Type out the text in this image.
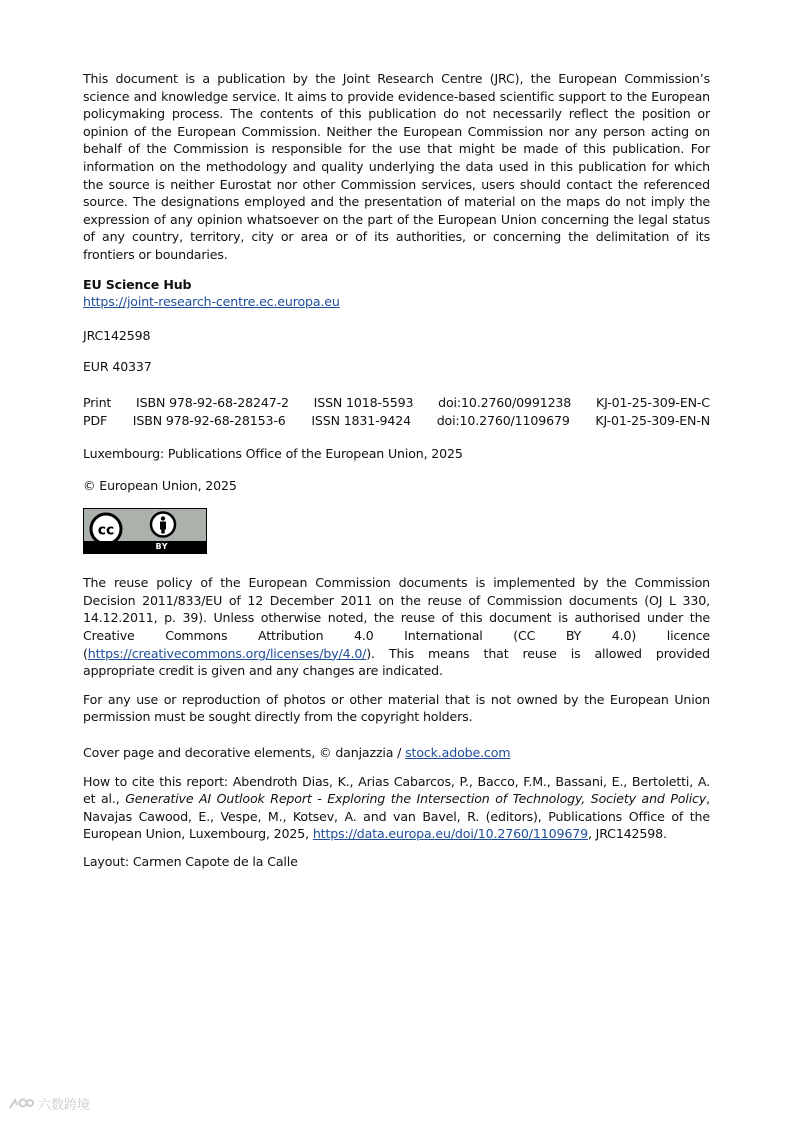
This document is a publication by the Joint Research Centre (JRC), the European Commission’s science and knowledge service. It aims to provide evidence-based scientific support to the European policymaking process. The contents of this publication do not necessarily reflect the position or opinion of the European Commission. Neither the European Commission nor any person acting on behalf of the Commission is responsible for the use that might be made of this publication. For information on the methodology and quality underlying the data used in this publication for which the source is neither Eurostat nor other Commission services, users should contact the referenced source. The designations employed and the presentation of material on the maps do not imply the expression of any opinion whatsoever on the part of the European Union concerning the legal status of any country, territory, city or area or of its authorities, or concerning the delimitation of its frontiers or boundaries.

EU Science Hub

https://joint-research-centre.ec.europa.eu

JRC142598

EUR 40337

Print ISBN 978-92-68-28247-2 ISSN 1018-5593 doi:10.2760/0991238 KJ-01-25-309-EN-C
PDF ISBN 978-92-68-28153-6 ISSN 1831-9424 doi:10.2760/1109679 KJ-01-25-309-EN-N

Luxembourg: Publications Office of the European Union, 2025

© European Union, 2025

cc
BY

The reuse policy of the European Commission documents is implemented by the Commission Decision 2011/833/EU of 12 December 2011 on the reuse of Commission documents (OJ L 330, 14.12.2011, p. 39). Unless otherwise noted, the reuse of this document is authorised under the Creative Commons Attribution 4.0 International (CC BY 4.0) licence (https://creativecommons.org/licenses/by/4.0/). This means that reuse is allowed provided appropriate credit is given and any changes are indicated.

For any use or reproduction of photos or other material that is not owned by the European Union permission must be sought directly from the copyright holders.

Cover page and decorative elements, © danjazzia / stock.adobe.com

How to cite this report: Abendroth Dias, K., Arias Cabarcos, P., Bacco, F.M., Bassani, E., Bertoletti, A. et al., Generative AI Outlook Report - Exploring the Intersection of Technology, Society and Policy, Navajas Cawood, E., Vespe, M., Kotsev, A. and van Bavel, R. (editors), Publications Office of the European Union, Luxembourg, 2025, https://data.europa.eu/doi/10.2760/1109679, JRC142598.

Layout: Carmen Capote de la Calle

六数跨境
